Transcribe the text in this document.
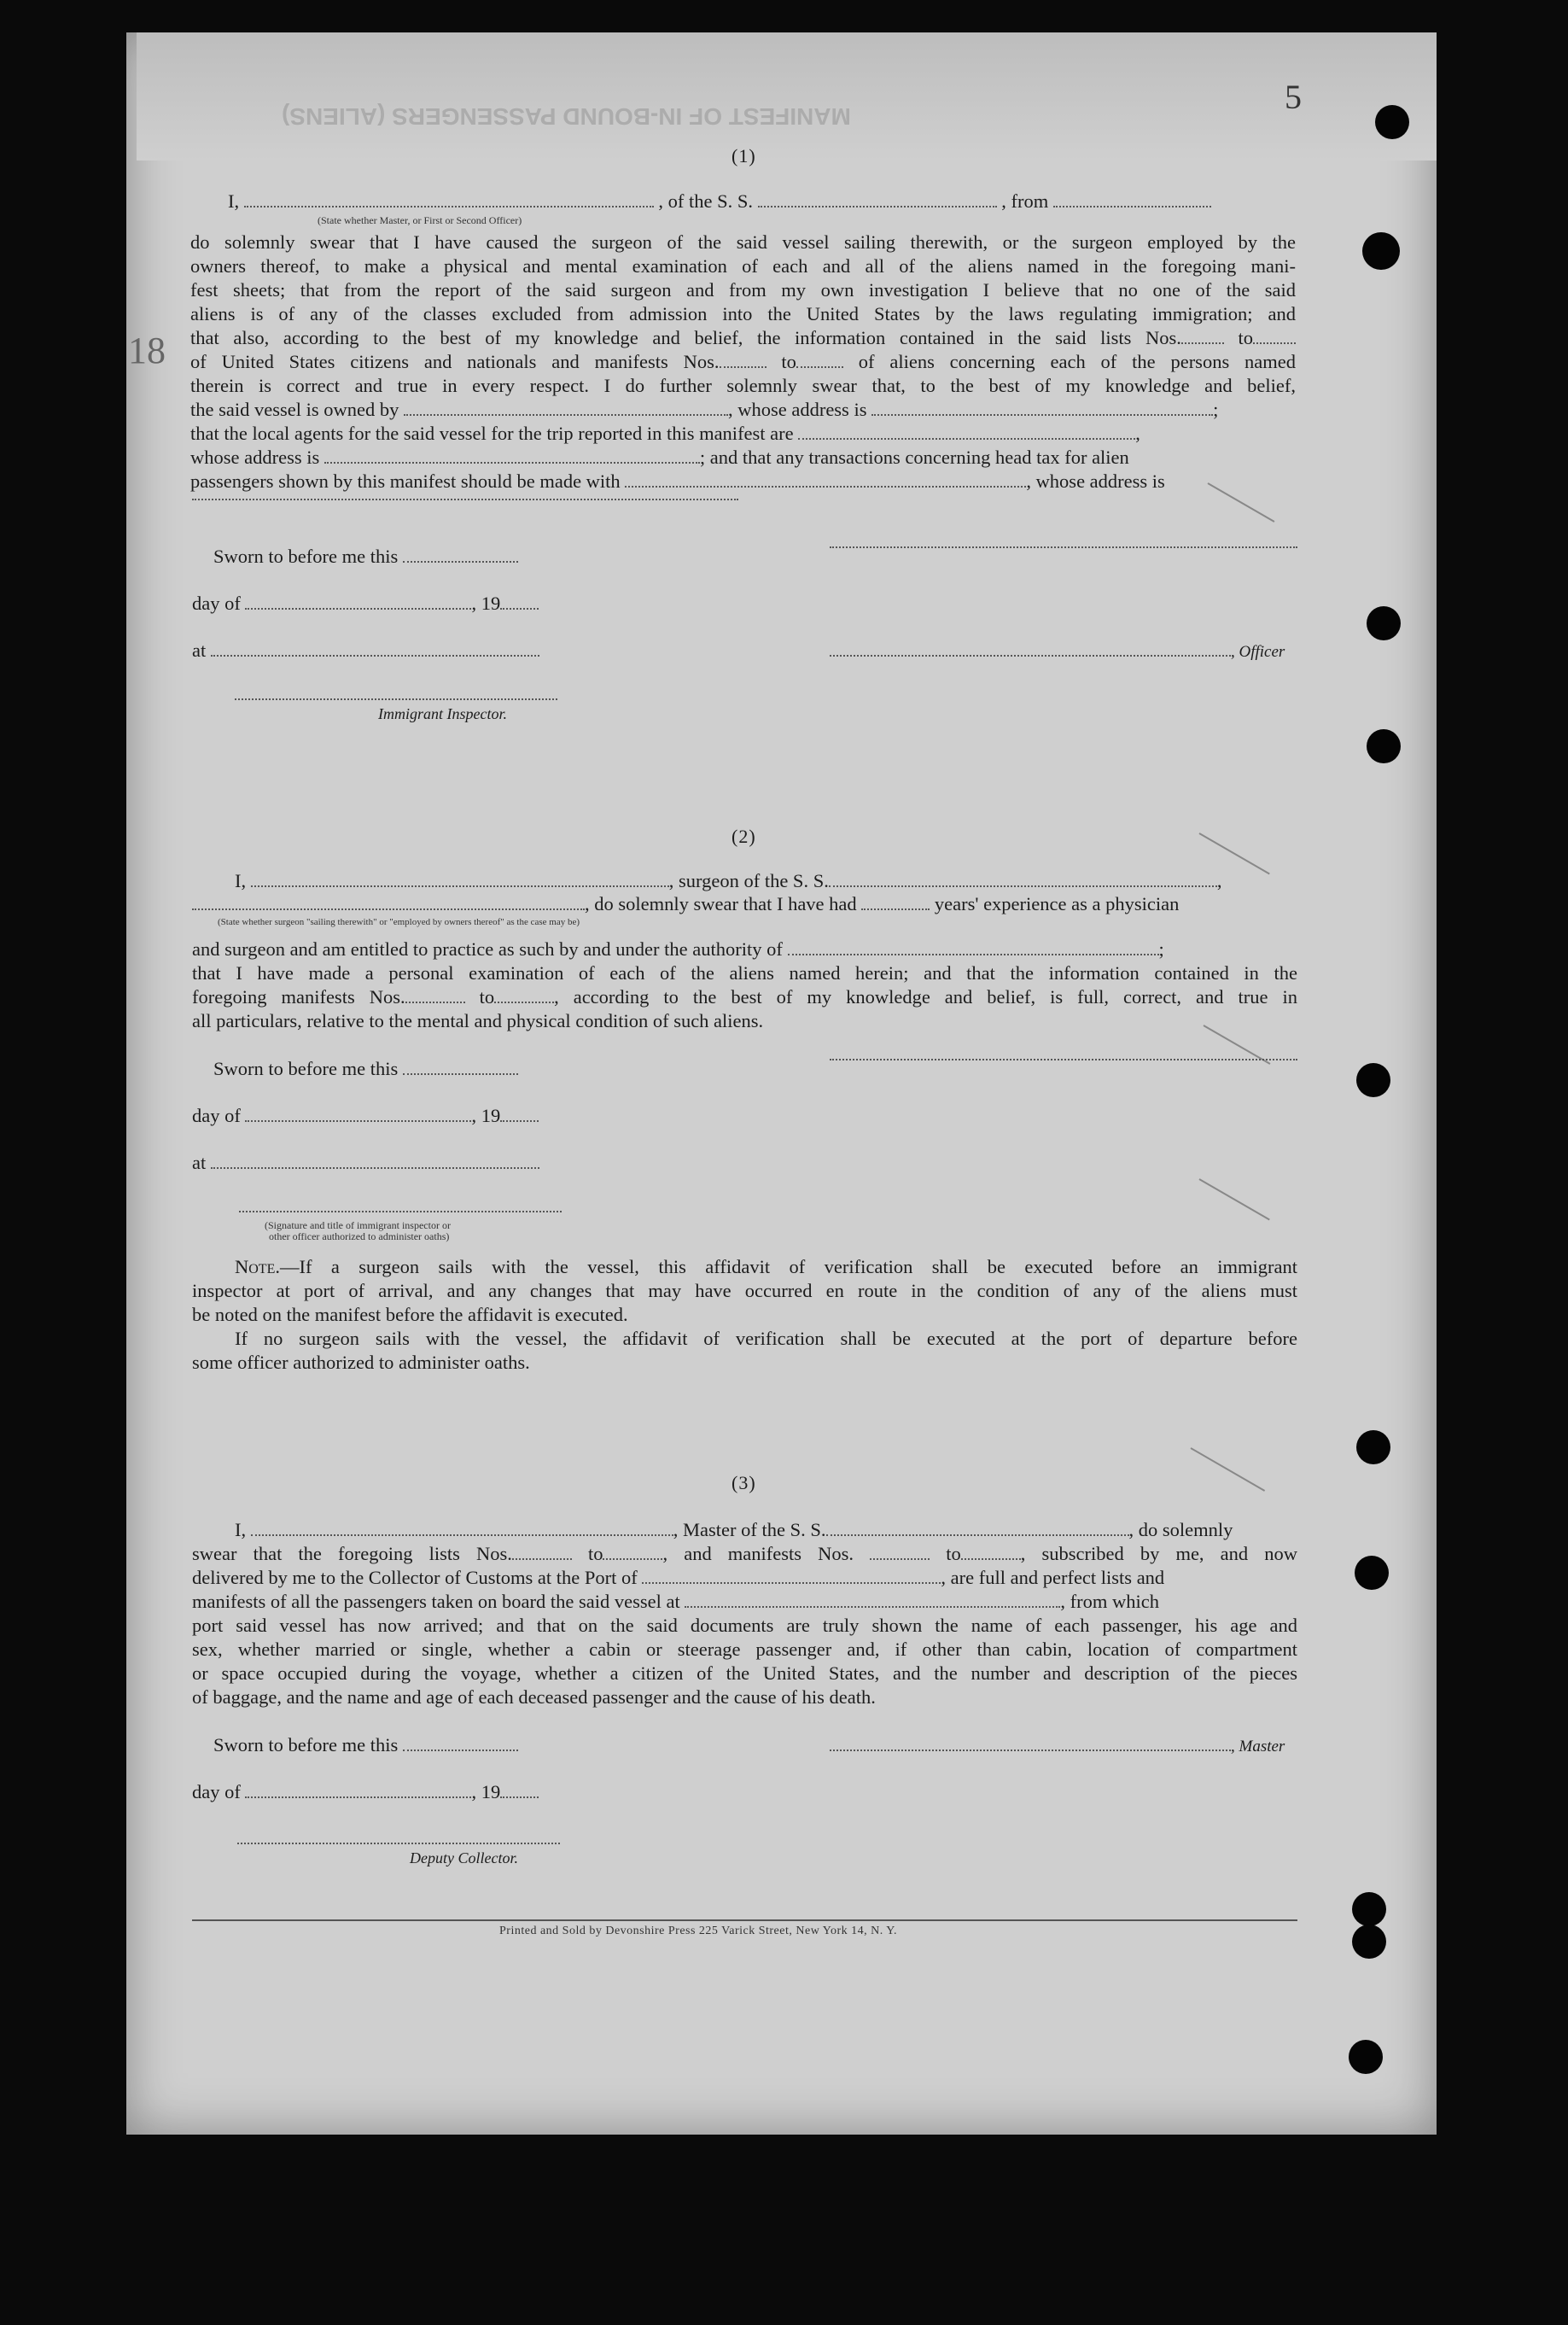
MANIFEST OF IN-BOUND PASSENGERS (ALIENS)
5
18
(1)
I,	, of the S. S.	, from
(State whether Master, or First or Second Officer)
do solemnly swear that I have caused the surgeon of the said vessel sailing therewith, or the surgeon employed by the
owners thereof, to make a physical and mental examination of each and all of the aliens named in the foregoing mani-
fest sheets; that from the report of the said surgeon and from my own investigation I believe that no one of the said
aliens is of any of the classes excluded from admission into the United States by the laws regulating immigration; and
that also, according to the best of my knowledge and belief, the information contained in the said lists Nos.	to
of United States citizens and nationals and manifests Nos.	to	of aliens concerning each of the persons named
therein is correct and true in every respect. I do further solemnly swear that, to the best of my knowledge and belief,
the said vessel is owned by	, whose address is	;
that the local agents for the said vessel for the trip reported in this manifest are	,
whose address is	; and that any transactions concerning head tax for alien
passengers shown by this manifest should be made with	, whose address is
Sworn to before me this
day of	, 19
at	, Officer
Immigrant Inspector.
(2)
I,	, surgeon of the S. S.	,
, do solemnly swear that I have had	years' experience as a physician
(State whether surgeon "sailing therewith" or "employed by owners thereof" as the case may be)
and surgeon and am entitled to practice as such by and under the authority of	;
that I have made a personal examination of each of the aliens named herein; and that the information contained in the
foregoing manifests Nos.	to	, according to the best of my knowledge and belief, is full, correct, and true in
all particulars, relative to the mental and physical condition of such aliens.
Sworn to before me this
day of	, 19
at
(Signature and title of immigrant inspector or
other officer authorized to administer oaths)
Note.—If a surgeon sails with the vessel, this affidavit of verification shall be executed before an immigrant
inspector at port of arrival, and any changes that may have occurred en route in the condition of any of the aliens must
be noted on the manifest before the affidavit is executed.
If no surgeon sails with the vessel, the affidavit of verification shall be executed at the port of departure before
some officer authorized to administer oaths.
(3)
I,	, Master of the S. S.	, do solemnly
swear that the foregoing lists Nos.	to	, and manifests Nos.	to	, subscribed by me, and now
delivered by me to the Collector of Customs at the Port of	, are full and perfect lists and
manifests of all the passengers taken on board the said vessel at	, from which
port said vessel has now arrived; and that on the said documents are truly shown the name of each passenger, his age and
sex, whether married or single, whether a cabin or steerage passenger and, if other than cabin, location of compartment
or space occupied during the voyage, whether a citizen of the United States, and the number and description of the pieces
of baggage, and the name and age of each deceased passenger and the cause of his death.
Sworn to before me this	, Master
day of	, 19
Deputy Collector.
Printed and Sold by Devonshire Press 225 Varick Street, New York 14, N. Y.
